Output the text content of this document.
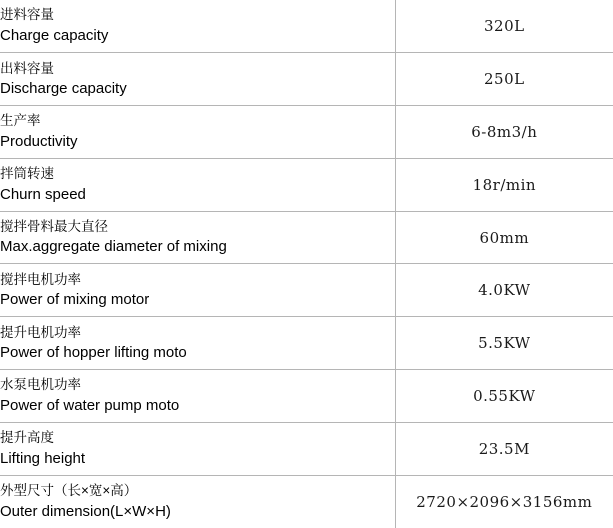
进料容量
Charge capacity	320L

出料容量
Discharge capacity	250L

生产率
Productivity	6-8m3/h

拌筒转速
Churn speed	18r/min

搅拌骨料最大直径
Max.aggregate diameter of mixing	60mm

搅拌电机功率
Power of mixing motor	4.0KW

提升电机功率
Power of hopper lifting moto	5.5KW

水泵电机功率
Power of water pump moto	0.55KW

提升高度
Lifting height	23.5M

外型尺寸（长×宽×高）
Outer dimension(L×W×H)	2720×2096×3156mm
